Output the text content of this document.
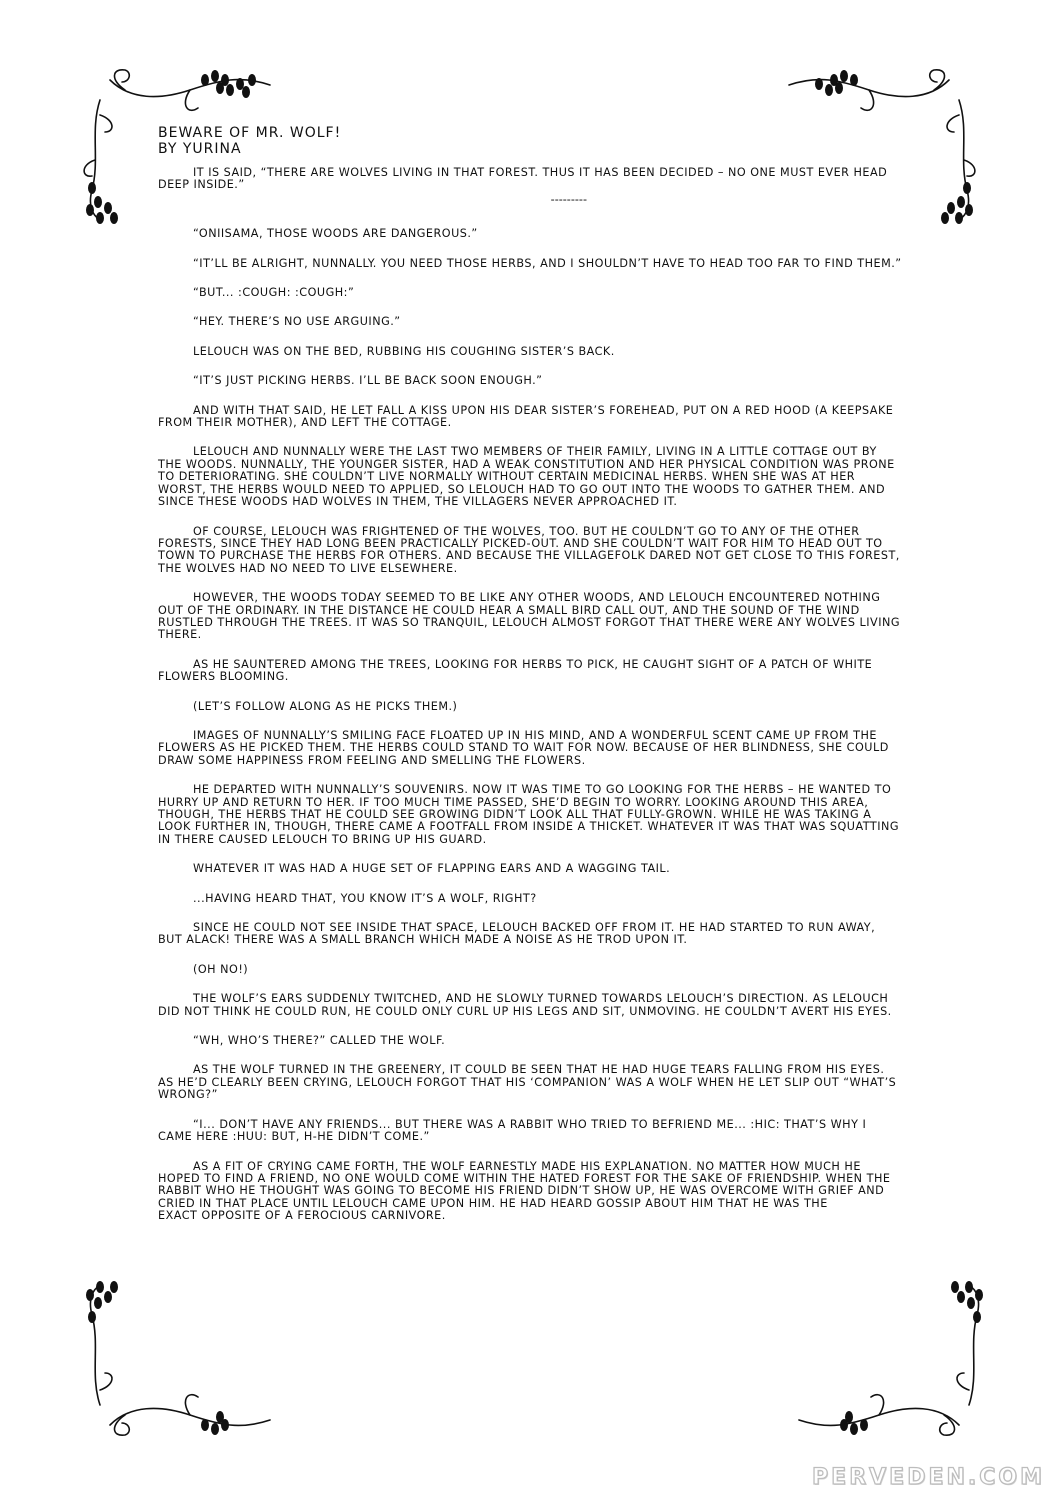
BEWARE OF MR. WOLF!
BY YURINA

IT IS SAID, “THERE ARE WOLVES LIVING IN THAT FOREST. THUS IT HAS BEEN DECIDED – NO ONE MUST EVER HEAD DEEP INSIDE.”

---------

“ONIISAMA, THOSE WOODS ARE DANGEROUS.”

“IT’LL BE ALRIGHT, NUNNALLY. YOU NEED THOSE HERBS, AND I SHOULDN’T HAVE TO HEAD TOO FAR TO FIND THEM.”

“BUT... :COUGH: :COUGH:”

“HEY. THERE’S NO USE ARGUING.”

LELOUCH WAS ON THE BED, RUBBING HIS COUGHING SISTER’S BACK.

“IT’S JUST PICKING HERBS. I’LL BE BACK SOON ENOUGH.”

AND WITH THAT SAID, HE LET FALL A KISS UPON HIS DEAR SISTER’S FOREHEAD, PUT ON A RED HOOD (A KEEPSAKE FROM THEIR MOTHER), AND LEFT THE COTTAGE.

LELOUCH AND NUNNALLY WERE THE LAST TWO MEMBERS OF THEIR FAMILY, LIVING IN A LITTLE COTTAGE OUT BY THE WOODS. NUNNALLY, THE YOUNGER SISTER, HAD A WEAK CONSTITUTION AND HER PHYSICAL CONDITION WAS PRONE TO DETERIORATING. SHE COULDN’T LIVE NORMALLY WITHOUT CERTAIN MEDICINAL HERBS. WHEN SHE WAS AT HER WORST, THE HERBS WOULD NEED TO APPLIED, SO LELOUCH HAD TO GO OUT INTO THE WOODS TO GATHER THEM. AND SINCE THESE WOODS HAD WOLVES IN THEM, THE VILLAGERS NEVER APPROACHED IT.

OF COURSE, LELOUCH WAS FRIGHTENED OF THE WOLVES, TOO. BUT HE COULDN’T GO TO ANY OF THE OTHER FORESTS, SINCE THEY HAD LONG BEEN PRACTICALLY PICKED-OUT. AND SHE COULDN’T WAIT FOR HIM TO HEAD OUT TO TOWN TO PURCHASE THE HERBS FOR OTHERS. AND BECAUSE THE VILLAGEFOLK DARED NOT GET CLOSE TO THIS FOREST, THE WOLVES HAD NO NEED TO LIVE ELSEWHERE.

HOWEVER, THE WOODS TODAY SEEMED TO BE LIKE ANY OTHER WOODS, AND LELOUCH ENCOUNTERED NOTHING OUT OF THE ORDINARY. IN THE DISTANCE HE COULD HEAR A SMALL BIRD CALL OUT, AND THE SOUND OF THE WIND RUSTLED THROUGH THE TREES. IT WAS SO TRANQUIL, LELOUCH ALMOST FORGOT THAT THERE WERE ANY WOLVES LIVING THERE.

AS HE SAUNTERED AMONG THE TREES, LOOKING FOR HERBS TO PICK, HE CAUGHT SIGHT OF A PATCH OF WHITE FLOWERS BLOOMING.

(LET’S FOLLOW ALONG AS HE PICKS THEM.)

IMAGES OF NUNNALLY’S SMILING FACE FLOATED UP IN HIS MIND, AND A WONDERFUL SCENT CAME UP FROM THE FLOWERS AS HE PICKED THEM. THE HERBS COULD STAND TO WAIT FOR NOW. BECAUSE OF HER BLINDNESS, SHE COULD DRAW SOME HAPPINESS FROM FEELING AND SMELLING THE FLOWERS.

HE DEPARTED WITH NUNNALLY’S SOUVENIRS. NOW IT WAS TIME TO GO LOOKING FOR THE HERBS – HE WANTED TO HURRY UP AND RETURN TO HER. IF TOO MUCH TIME PASSED, SHE’D BEGIN TO WORRY. LOOKING AROUND THIS AREA, THOUGH, THE HERBS THAT HE COULD SEE GROWING DIDN’T LOOK ALL THAT FULLY-GROWN. WHILE HE WAS TAKING A LOOK FURTHER IN, THOUGH, THERE CAME A FOOTFALL FROM INSIDE A THICKET. WHATEVER IT WAS THAT WAS SQUATTING IN THERE CAUSED LELOUCH TO BRING UP HIS GUARD.

WHATEVER IT WAS HAD A HUGE SET OF FLAPPING EARS AND A WAGGING TAIL.

...HAVING HEARD THAT, YOU KNOW IT’S A WOLF, RIGHT?

SINCE HE COULD NOT SEE INSIDE THAT SPACE, LELOUCH BACKED OFF FROM IT. HE HAD STARTED TO RUN AWAY, BUT ALACK! THERE WAS A SMALL BRANCH WHICH MADE A NOISE AS HE TROD UPON IT.

(OH NO!)

THE WOLF’S EARS SUDDENLY TWITCHED, AND HE SLOWLY TURNED TOWARDS LELOUCH’S DIRECTION. AS LELOUCH DID NOT THINK HE COULD RUN, HE COULD ONLY CURL UP HIS LEGS AND SIT, UNMOVING. HE COULDN’T AVERT HIS EYES.

“WH, WHO’S THERE?” CALLED THE WOLF.

AS THE WOLF TURNED IN THE GREENERY, IT COULD BE SEEN THAT HE HAD HUGE TEARS FALLING FROM HIS EYES. AS HE’D CLEARLY BEEN CRYING, LELOUCH FORGOT THAT HIS ‘COMPANION’ WAS A WOLF WHEN HE LET SLIP OUT “WHAT’S WRONG?”

“I... DON’T HAVE ANY FRIENDS... BUT THERE WAS A RABBIT WHO TRIED TO BEFRIEND ME... :HIC: THAT’S WHY I CAME HERE :HUU: BUT, H-HE DIDN’T COME.”

AS A FIT OF CRYING CAME FORTH, THE WOLF EARNESTLY MADE HIS EXPLANATION. NO MATTER HOW MUCH HE HOPED TO FIND A FRIEND, NO ONE WOULD COME WITHIN THE HATED FOREST FOR THE SAKE OF FRIENDSHIP. WHEN THE RABBIT WHO HE THOUGHT WAS GOING TO BECOME HIS FRIEND DIDN’T SHOW UP, HE WAS OVERCOME WITH GRIEF AND CRIED IN THAT PLACE UNTIL LELOUCH CAME UPON HIM. HE HAD HEARD GOSSIP ABOUT HIM THAT HE WAS THE

EXACT OPPOSITE OF A FEROCIOUS CARNIVORE.

PERVEDEN.COM
